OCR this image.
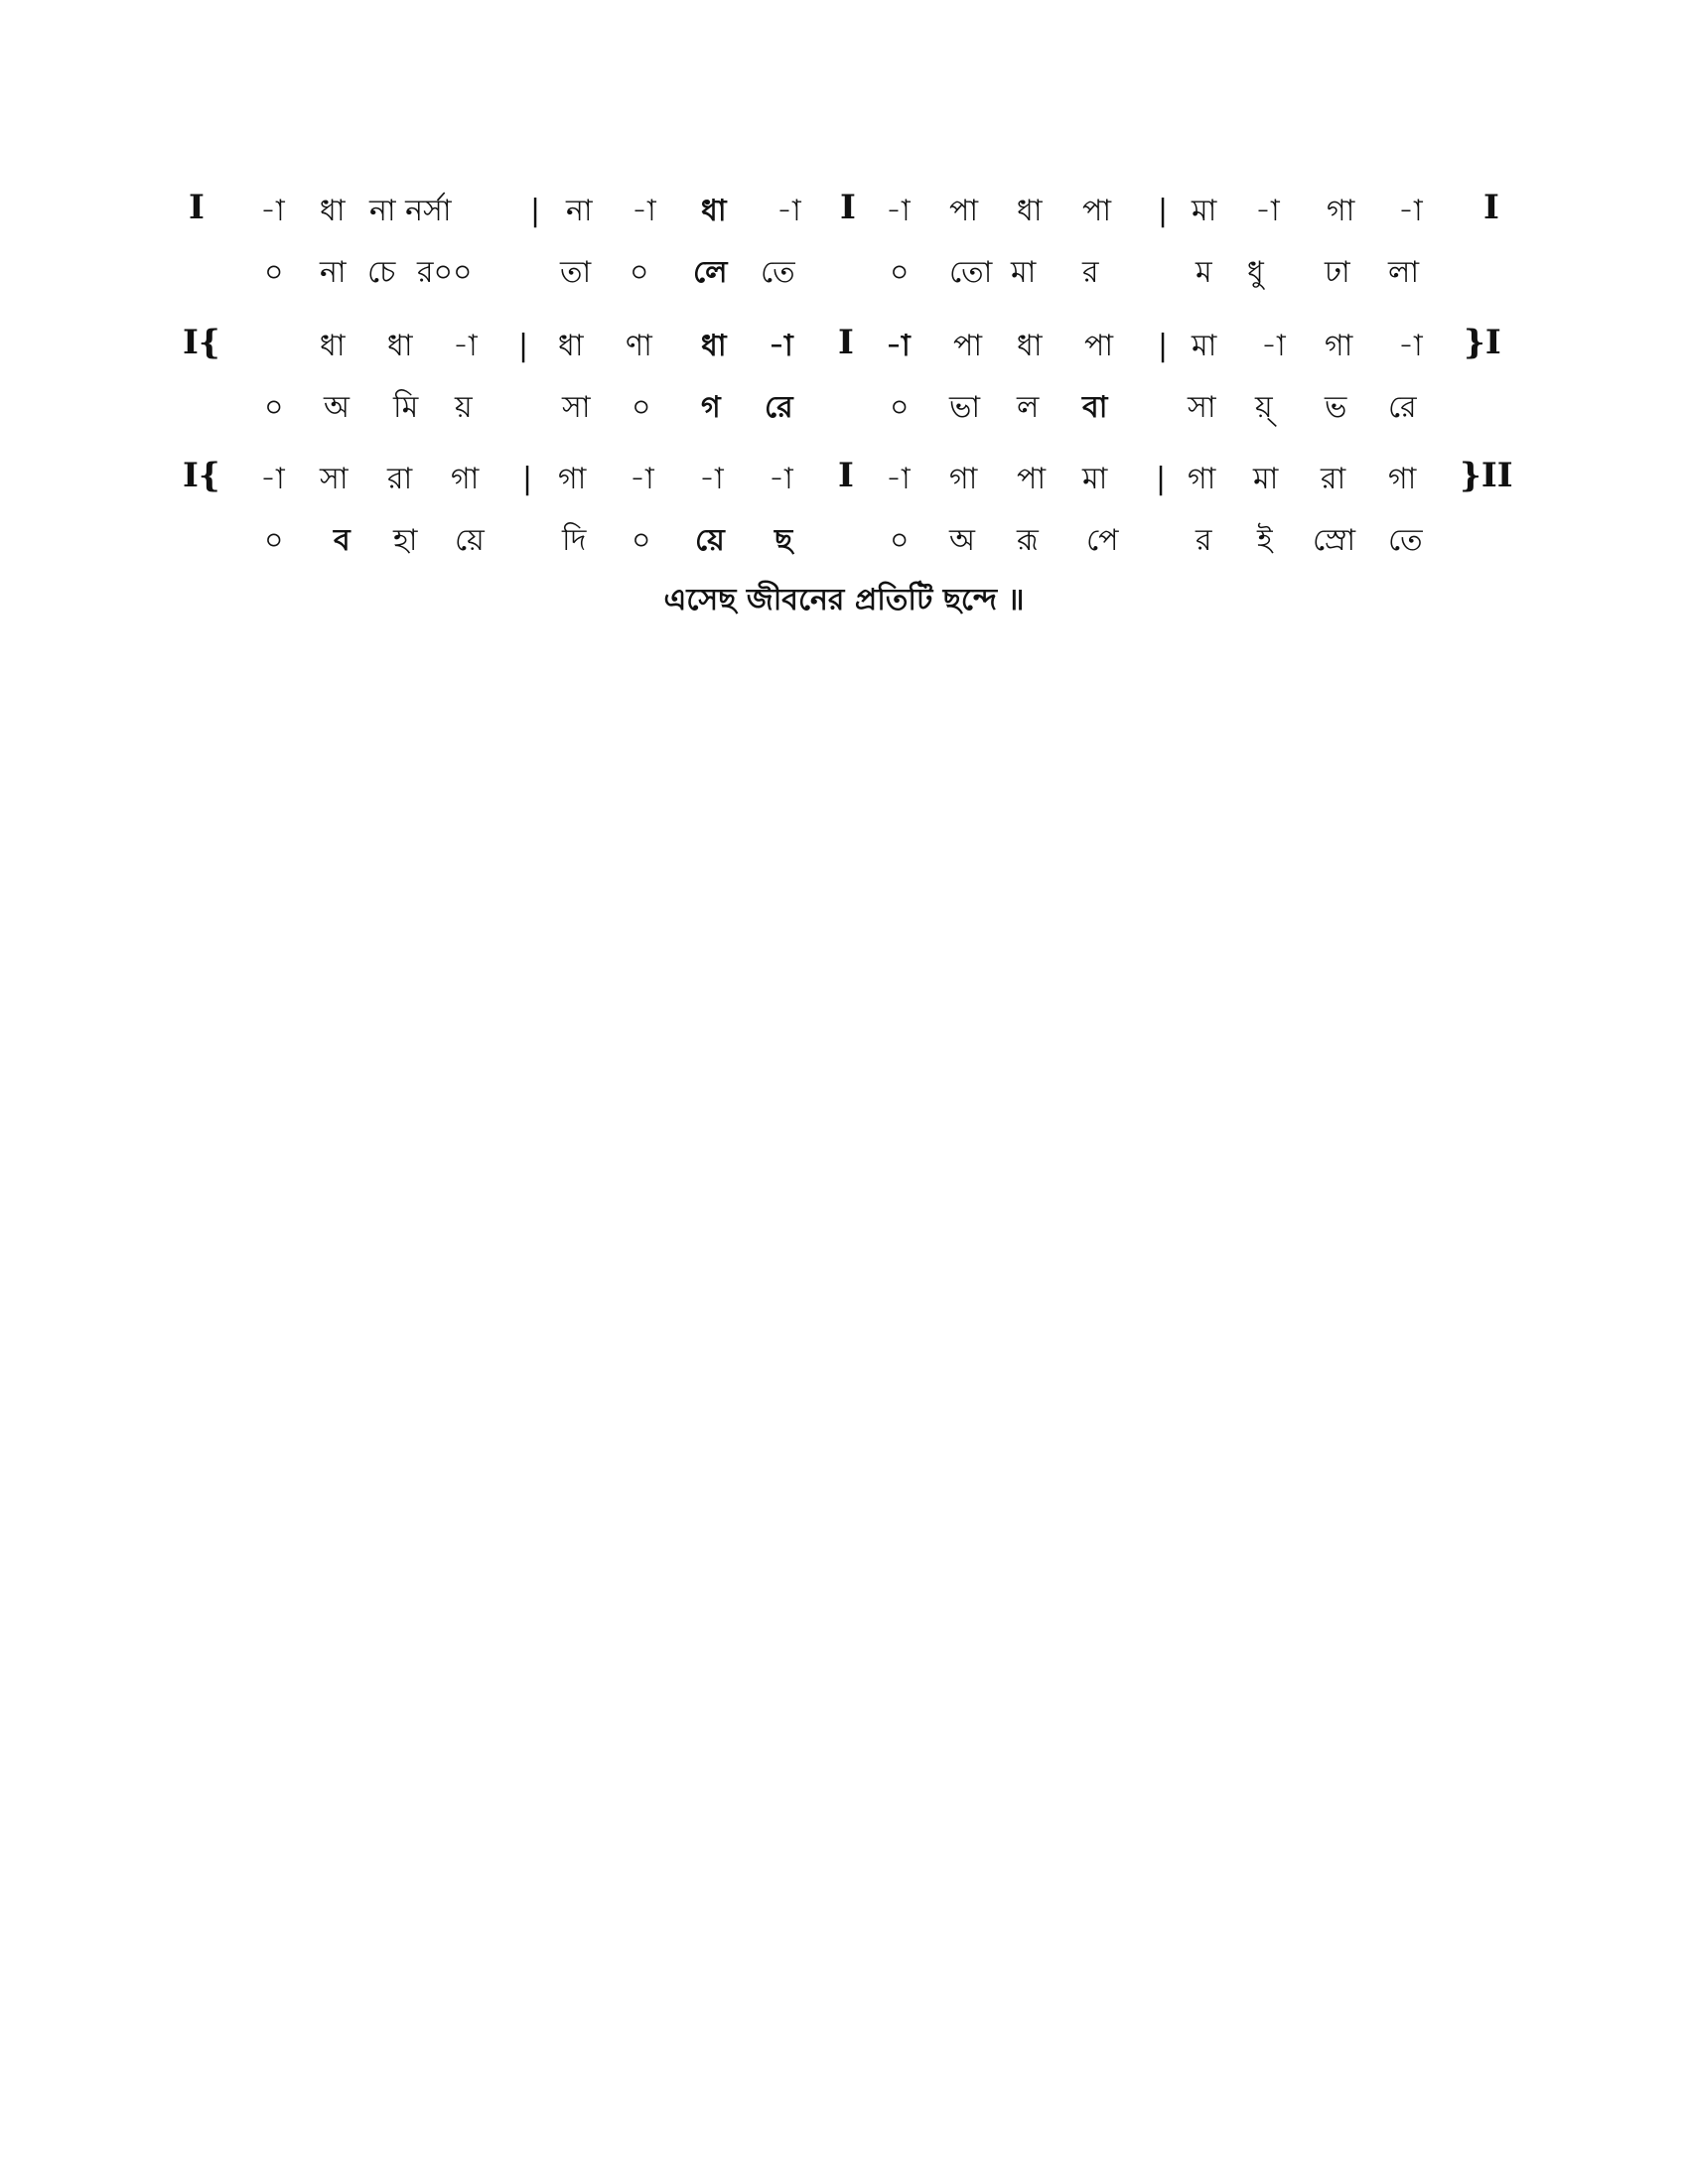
I -া ধা না নর্সা	| না -া ধা -া I -া পা ধা পা | মা -া গা -া I
০ না চে র০০	তা ০ লে তে	০ তো মা র	ম ধু ঢা লা
I{	ধা ধা -া | ধা ণা ধা -া I -া পা ধা পা | মা -া গা -া }I
০ অ মি য়	সা ০ গ রে	০ ভা ল বা	সা য়্ ভ রে
I{ -া সা রা গা | গা -া -া -া I -া গা পা মা | গা মা রা গা }II
০ ব হা য়ে	দি ০ য়ে ছ	০ অ রূ পে	র ই স্রো তে
এসেছ জীবনের প্রতিটি ছন্দে ॥
